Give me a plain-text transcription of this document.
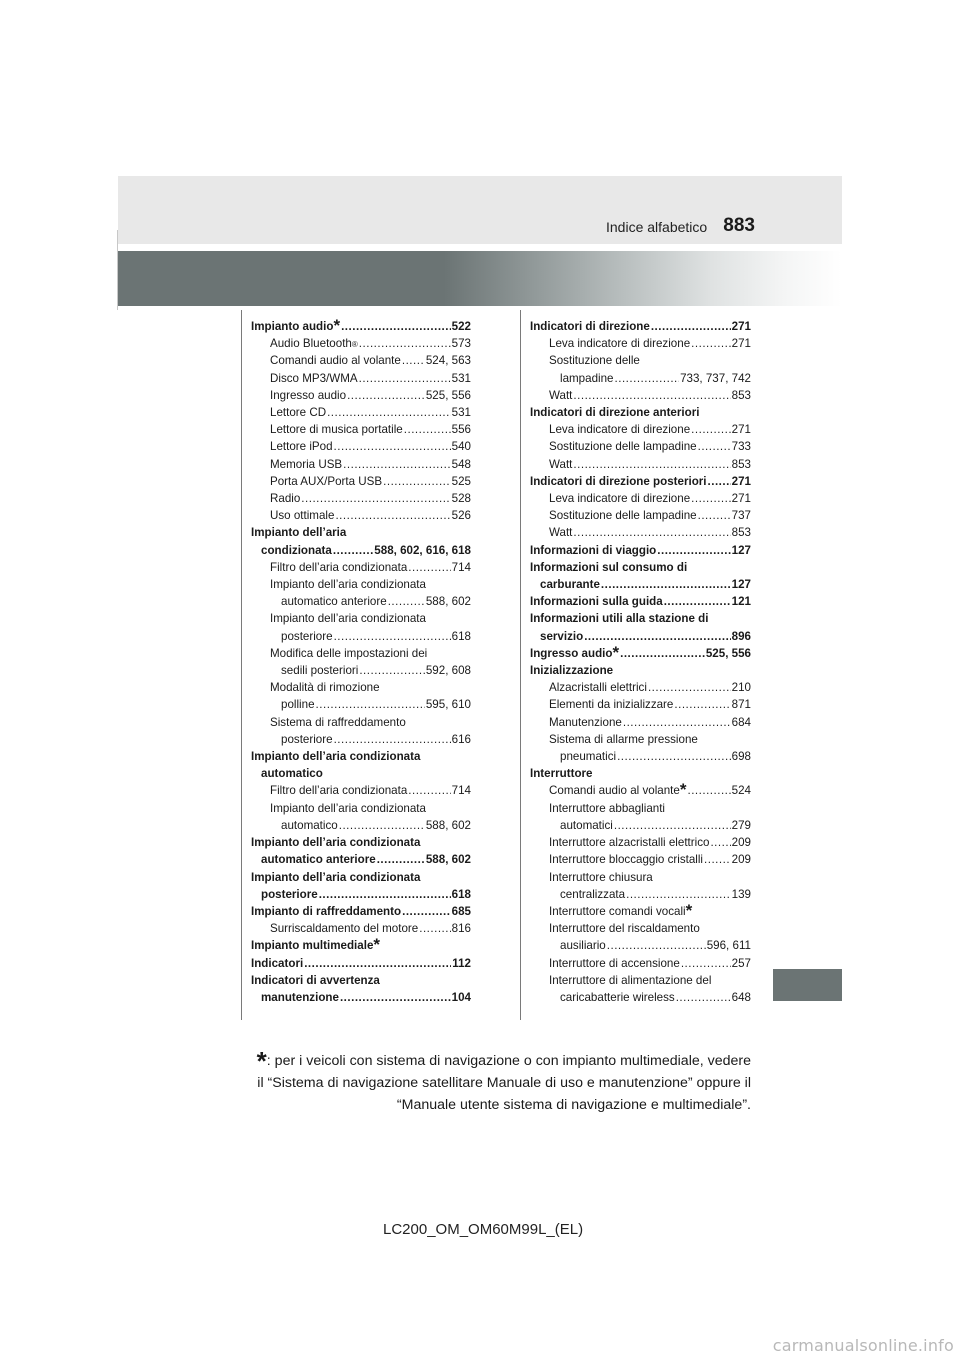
Indice alfabetico 883
Impianto audio* .....	522
Audio Bluetooth ® .....	573
Comandi audio al volante ..... 524, 563
Disco MP3/WMA .....	531
Ingresso audio .....	525, 556
Lettore CD .....	531
Lettore di musica portatile .....	556
Lettore iPod .....	540
Memoria USB .....	548
Porta AUX/Porta USB .....	525
Radio .....	528
Uso ottimale .....	526
Impianto dell’aria
condizionata .....	588, 602, 616, 618
Filtro dell’aria condizionata .....	714
Impianto dell’aria condizionata
automatico anteriore .....	588, 602
Impianto dell’aria condizionata
posteriore .....	618
Modifica delle impostazioni dei
sedili posteriori .....	592, 608
Modalità di rimozione
polline .....	595, 610
Sistema di raffreddamento
posteriore .....	616
Impianto dell’aria condizionata
automatico
Filtro dell’aria condizionata .....	714
Impianto dell’aria condizionata
automatico .....	588, 602
Impianto dell’aria condizionata
automatico anteriore .....	588, 602
Impianto dell’aria condizionata
posteriore .....	618
Impianto di raffreddamento .....	685
Surriscaldamento del motore .....	816
Impianto multimediale*
Indicatori .....	112
Indicatori di avvertenza
manutenzione .....	104
Indicatori di direzione .....	271
Leva indicatore di direzione .....	271
Sostituzione delle
lampadine .....	733, 737, 742
Watt .....	853
Indicatori di direzione anteriori
Leva indicatore di direzione .....	271
Sostituzione delle lampadine .....	733
Watt .....	853
Indicatori di direzione posteriori ..... 271
Leva indicatore di direzione .....	271
Sostituzione delle lampadine .....	737
Watt .....	853
Informazioni di viaggio .....	127
Informazioni sul consumo di
carburante .....	127
Informazioni sulla guida .....	121
Informazioni utili alla stazione di
servizio .....	896
Ingresso audio* .....	525, 556
Inizializzazione
Alzacristalli elettrici .....	210
Elementi da inizializzare .....	871
Manutenzione .....	684
Sistema di allarme pressione
pneumatici .....	698
Interruttore
Comandi audio al volante* .....	524
Interruttore abbaglianti
automatici .....	279
Interruttore alzacristalli elettrico ..... 209
Interruttore bloccaggio cristalli ..... 209
Interruttore chiusura
centralizzata .....	139
Interruttore comandi vocali*
Interruttore del riscaldamento
ausiliario .....	596, 611
Interruttore di accensione .....	257
Interruttore di alimentazione del
caricabatterie wireless .....	648
*: per i veicoli con sistema di navigazione o con impianto multimediale, vedere il “Sistema di navigazione satellitare Manuale di uso e manutenzione” oppure il “Manuale utente sistema di navigazione e multimediale”.
LC200_OM_OM60M99L_(EL)
carmanualsonline.info
